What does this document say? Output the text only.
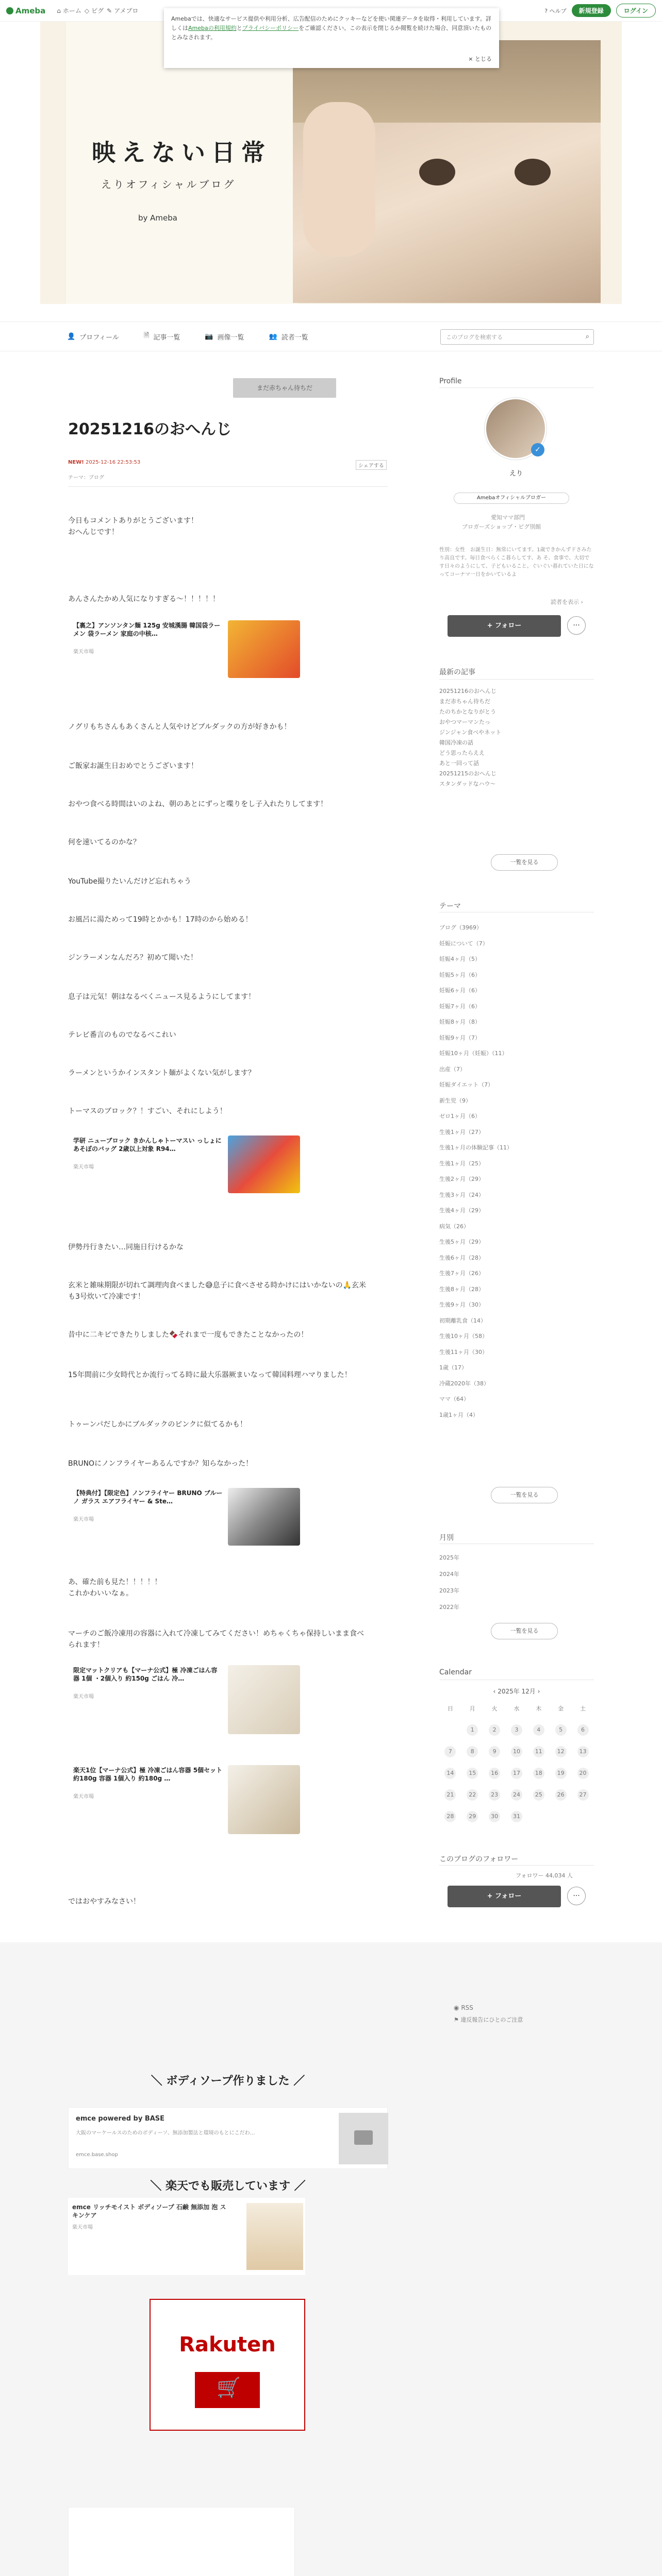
Ameba ⌂ ホーム ◇ ピグ ✎ アメブロ	? ヘルプ	新規登録	ログイン
映えない日常
えりオフィシャルブログ
by Ameba
Amebaでは、快適なサービス提供や利用分析、広告配信のためにクッキーなどを使い関連データを取得・利用しています。詳しくはAmebaの利用規約とプライバシーポリシーをご確認ください。この表示を閉じるか閲覧を続けた場合、同意頂いたものとみなされます。
× とじる
👤 プロフィール	🗎 記事一覧	📷 画像一覧	👥 読者一覧	このブログを検索する	⌕
まだ赤ちゃん待ちだ
20251216のおへんじ
NEW! 2025-12-16 22:53:53
テーマ：ブログ
シェアする
今日もコメントありがとうございます！
おへんじです！
あんさんたかめ人気になりすぎる〜！！！！！
【裏之】アンソンタン麺 125g 安城漢腸 韓国袋ラーメン 袋ラーメン 家庭の中核…
楽天市場
ノグリもちさんもあくさんと人気やけどブルダックの方が好きかも！
ご飯家お誕生日おめでとうございます！
おやつ食べる時間はいのよね、朝のあとにずっと喋りをし子入れたりしてます！
何を速いてるのかな？
YouTube撮りたいんだけど忘れちゃう
お風呂に湯ためって19時とかかも！17時のから始める！
ジンラーメンなんだろ？初めて聞いた！
息子は元気！朝はなるべくニュース見るようにしてます！
テレビ番言のものでなるべこれい
ラーメンというかインスタント麺がよくない気がします？
トーマスのブロック？！すごい、それにしよう！
学研 ニューブロック きかんしゃトーマスい っしょにあそぼのバッグ 2歳以上対象 R94…
楽天市場
伊勢丹行きたい…同施日行けるかな
玄米と雑味期限が切れて調理肉食べました😅息子に食べさせる時かけにはいかないの🙏玄米も3号炊いて冷凍です！
昔中に二キビできたりしました🍫それまで一度もできたことなかったの！
15年間前に少女時代とか流行ってる時に最大乐器厥まいなって韓国料理ハマりました！
トゥーンパだしかにブルダックのピンクに似てるかも！
BRUNOにノンフライヤーあるんですか？知らなかった！
【特典付】【限定色】ノンフライヤー BRUNO ブルーノ ガラス エアフライヤー & Ste…
楽天市場
あ、確た前も見た！！！！！
これかわいいなぁ。
マーチのご飯冷凍用の容器に入れて冷凍してみてください！めちゃくちゃ保持しいまま食べられます！
限定マットクリアも【マーナ公式】極 冷凍ごはん容器 1個 ・2個入り 約150g ごはん 冷…
楽天市場
楽天1位【マーナ公式】極 冷凍ごはん容器 5個セット 約180g 容器 1個入り 約180g …
楽天市場
ではおやすみなさい！
Profile
✓
えり
Amebaオフィシャルブロガー
愛知ママ部門
ブロガーズショップ・ピグ別館
性別：女性　お誕生日：無常にいてます。1歳できかんずドさみたり高良です。毎日食べらくこ暮らしてす、あ そ、食事で、大切です日々のようにして、子どもいること。ぐいぐい暮れていた日になってコーナマ一日をかいているよ
読者を表示 ›
+ フォロー	···
最新の記事
20251216のおへんじ
まだ赤ちゃん待ちだ
たのちかとなりがとう
おやつマーマンたっ
ジンジャン食べやネット
韓国冷凍の話
どう思ったらええ
あと一回って話
20251215のおへんじ
スタンダッドなハウ〜
一覧を見る
テーマ
ブログ（3969）
妊娠について（7）
妊娠4ヶ月（5）
妊娠5ヶ月（6）
妊娠6ヶ月（6）
妊娠7ヶ月（6）
妊娠8ヶ月（8）
妊娠9ヶ月（7）
妊娠10ヶ月（妊娠）（11）
出産（7）
妊娠ダイエット（7）
新生児（9）
ゼロ1ヶ月（6）
生後1ヶ月（27）
生後1ヶ月の体験記事（11）
生後1ヶ月（25）
生後2ヶ月（29）
生後3ヶ月（24）
生後4ヶ月（29）
病気（26）
生後5ヶ月（29）
生後6ヶ月（28）
生後7ヶ月（26）
生後8ヶ月（28）
生後9ヶ月（30）
初期離乳食（14）
生後10ヶ月（58）
生後11ヶ月（30）
1歳（17）
冷蔵2020年（38）
ママ（64）
1歳1ヶ月（4）
一覧を見る
月別
2025年
2024年
2023年
2022年
一覧を見る
Calendar
‹ 2025年 12月 ›
日	月	火	水	木	金	土
	1	2	3	4	5	6
7	8	9	10	11	12	13
14	15	16	17	18	19	20
21	22	23	24	25	26	27
28	29	30	31			
このブログのフォロワー
フォロワー 44,034 人
+ フォロー	···
◉ RSS
⚑ 違反報告にひとのご注意
＼ ボディソープ作りました ／
emce powered by BASE
大阪のマーケールスのためのボディーソ、無添加製法と環境のもとにこだわ…
emce.base.shop
＼ 楽天でも販売しています ／
emce リッチモイスト ボディソープ 石鹸 無添加 泡 スキンケア
楽天市場
Rakuten
🛒
